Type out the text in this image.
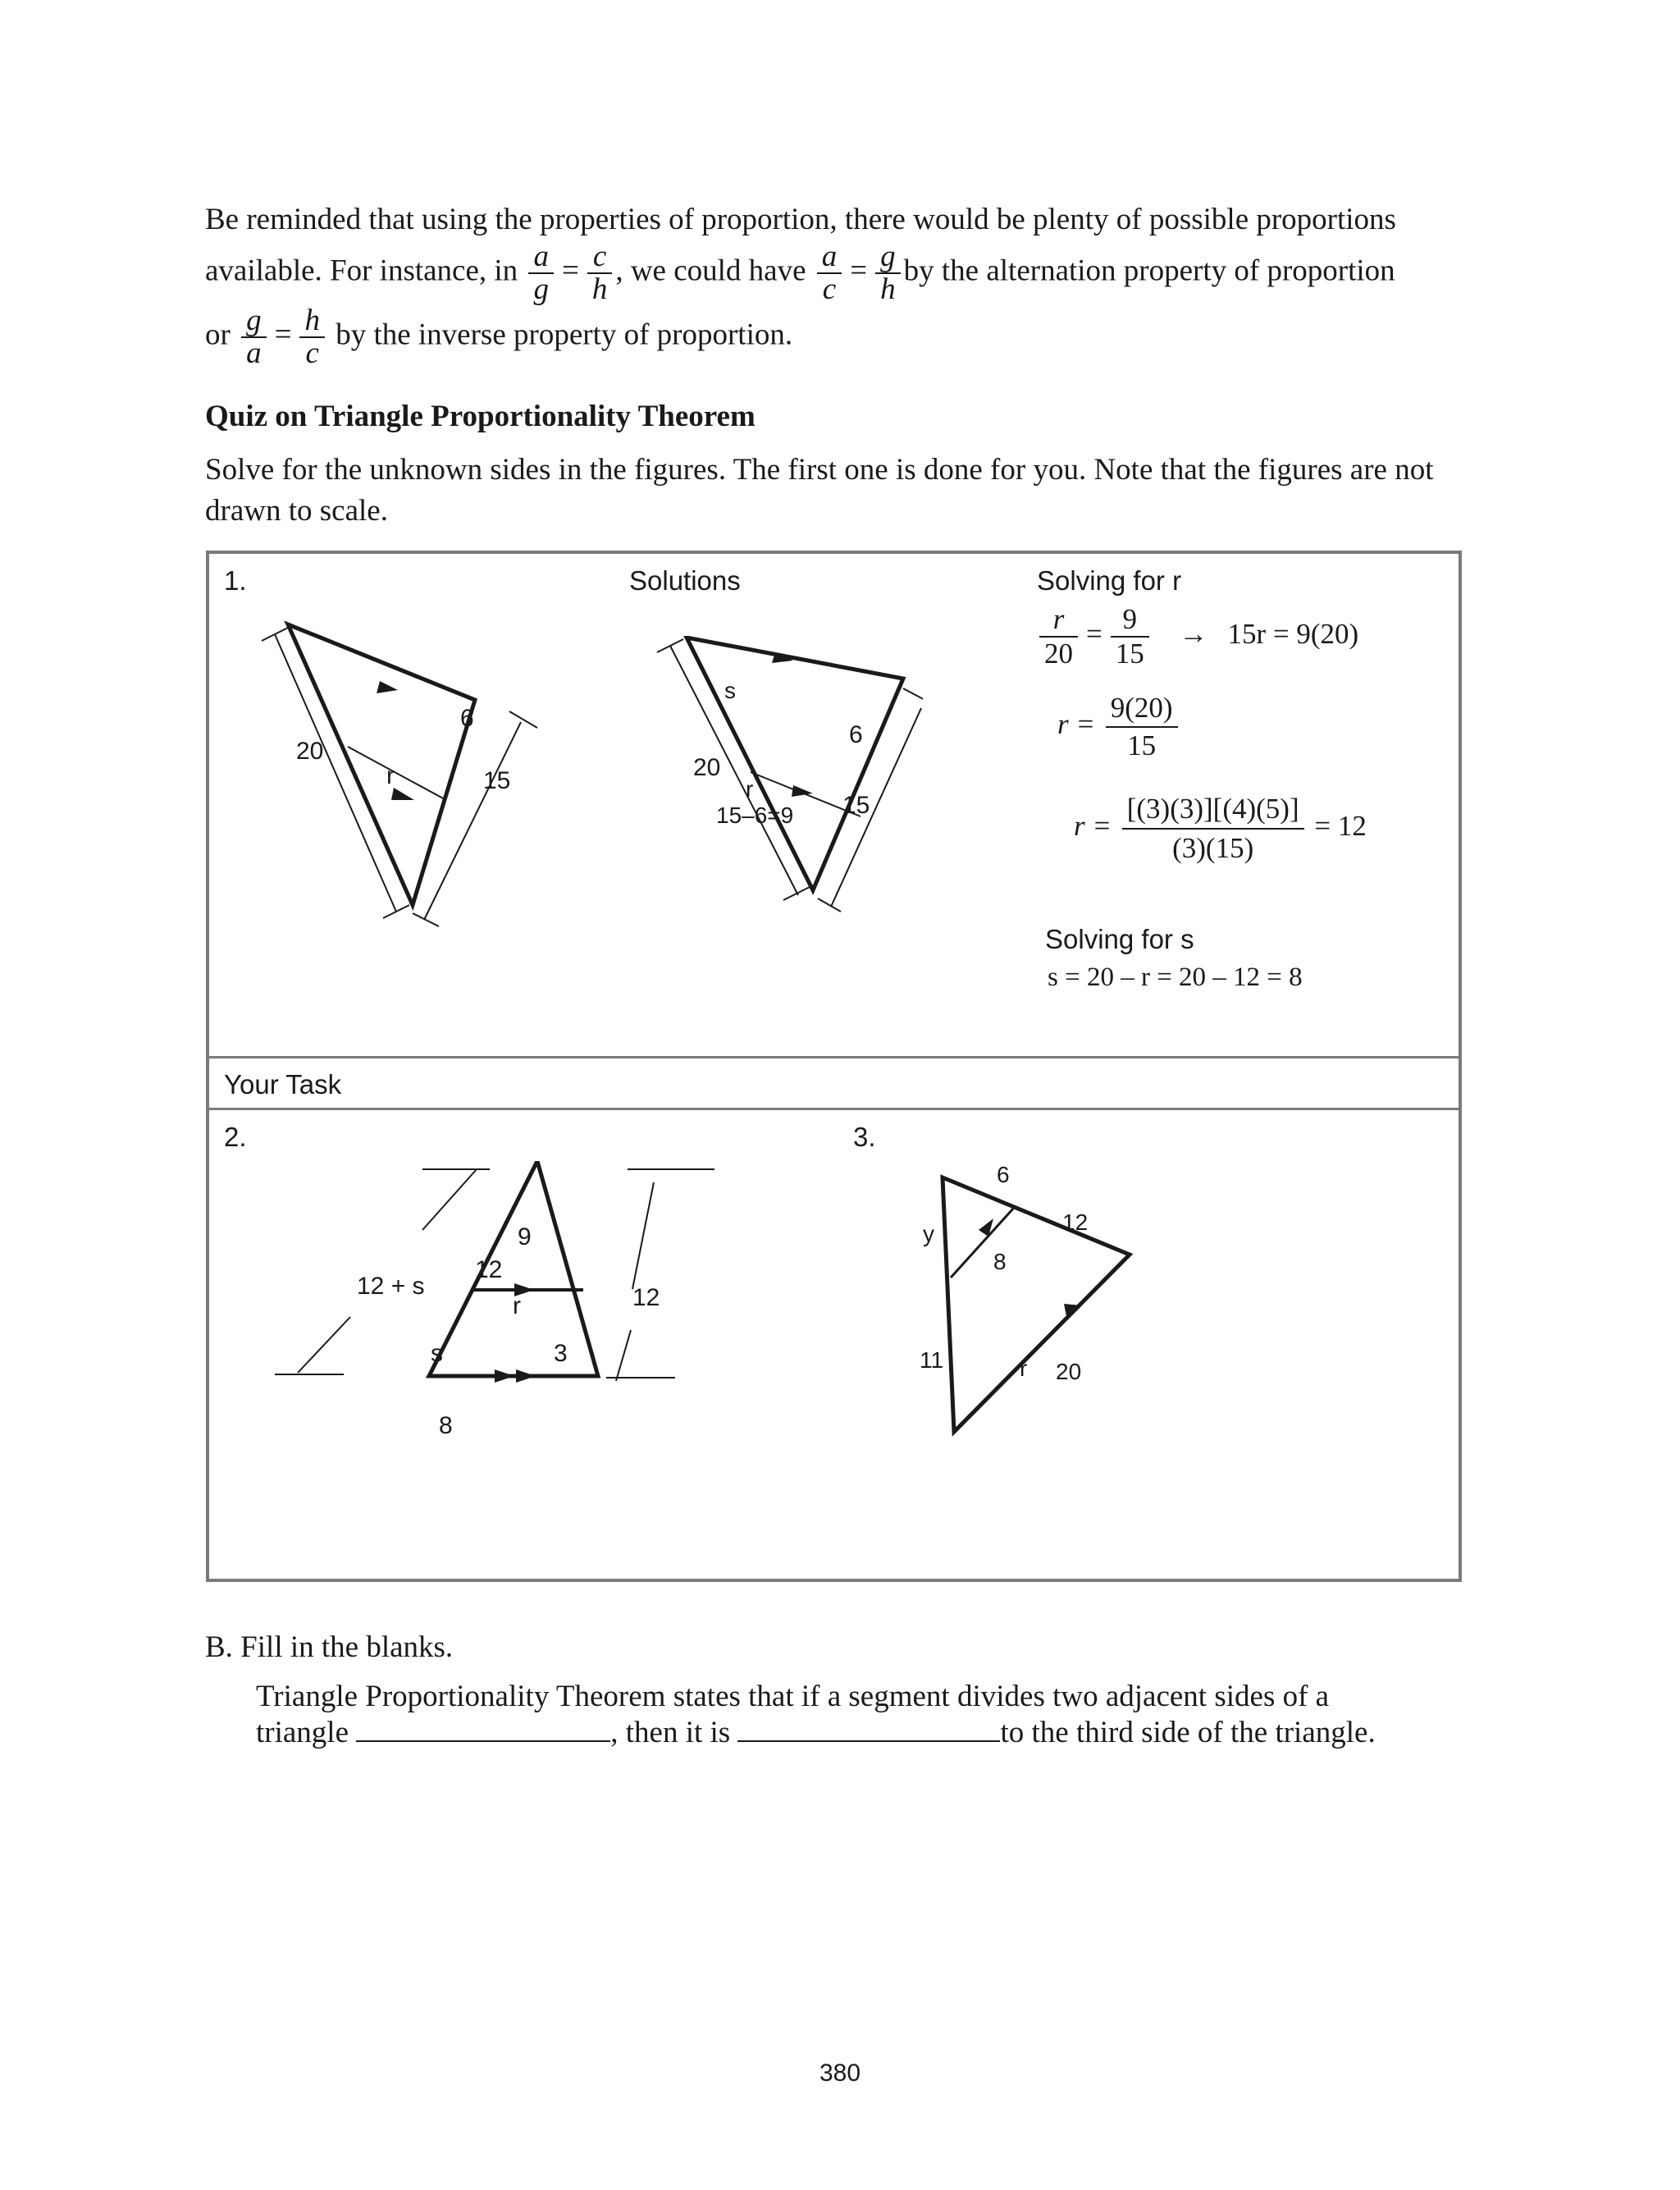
Be reminded that using the properties of proportion, there would be plenty of possible proportions

available. For instance, in $\frac{a}{g} = \frac{c}{h}$ , we could have $\frac{a}{c} = \frac{g}{h}$ by the alternation property of proportion
or $\frac{g}{a} = \frac{h}{c}$ by the inverse property of proportion.
Quiz on Triangle Proportionality Theorem

Solve for the unknown sides in the figures. The first one is done for you. Note that the figures are not drawn to scale.

1.	Solutions	Solving for r
$\frac{r}{20} = \frac{9}{15} \to 15r = 9(20)$
$r = \frac{9(20)}{15}$
$r = \frac{[(3)(3)][(4)(5)]}{(3)(15)} = 12$
Solving for s
s = 20 – r = 20 – 12 = 8
Your Task
2.	3.
20
6
15
r	20
s
6
r
15–6=9 15
12 + s
9
12
r
s	3
12
8
6
y
8
12
11	r 20

B. Fill in the blanks.

Triangle Proportionality Theorem states that if a segment divides two adjacent sides of a

triangle	, then it is	to the third side of the triangle.
380
